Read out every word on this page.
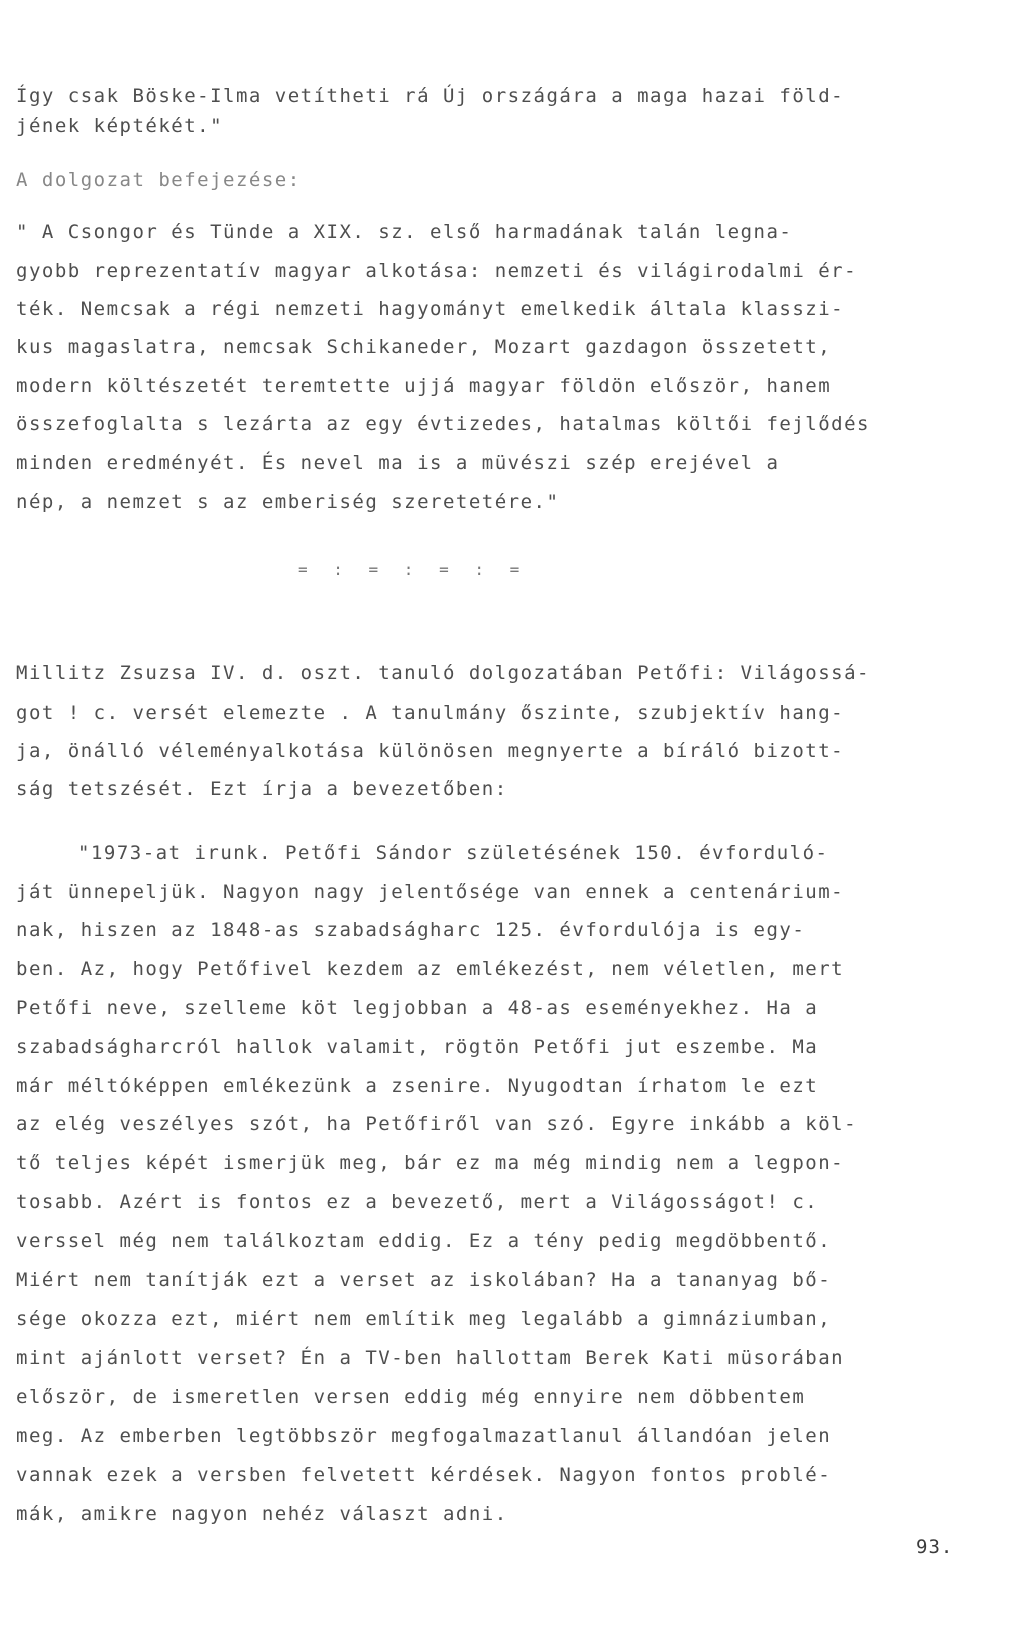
Így csak Böske-Ilma vetítheti rá Új országára a maga hazai föld-
jének képtékét."
A dolgozat befejezése:
" A Csongor és Tünde a XIX. sz. első harmadának talán legna-
gyobb reprezentatív magyar alkotása: nemzeti és világirodalmi ér-
ték. Nemcsak a régi nemzeti hagyományt emelkedik általa klasszi-
kus magaslatra, nemcsak Schikaneder, Mozart gazdagon összetett,
modern költészetét teremtette ujjá magyar földön először, hanem
összefoglalta s lezárta az egy évtizedes, hatalmas költői fejlődés
minden eredményét. És nevel ma is a müvészi szép erejével a
nép, a nemzet s az emberiség szeretetére."
= : = : = : =
Millitz Zsuzsa IV. d. oszt. tanuló dolgozatában Petőfi: Világossá-
got ! c. versét elemezte . A tanulmány őszinte, szubjektív hang-
ja, önálló véleményalkotása különösen megnyerte a bíráló bizott-
ság tetszését. Ezt írja a bevezetőben:
"1973-at irunk. Petőfi Sándor születésének 150. évforduló-
ját ünnepeljük. Nagyon nagy jelentősége van ennek a centenárium-
nak, hiszen az 1848-as szabadságharc 125. évfordulója is egy-
ben. Az, hogy Petőfivel kezdem az emlékezést, nem véletlen, mert
Petőfi neve, szelleme köt legjobban a 48-as eseményekhez. Ha a
szabadságharcról hallok valamit, rögtön Petőfi jut eszembe. Ma
már méltóképpen emlékezünk a zsenire. Nyugodtan írhatom le ezt
az elég veszélyes szót, ha Petőfiről van szó. Egyre inkább a köl-
tő teljes képét ismerjük meg, bár ez ma még mindig nem a legpon-
tosabb. Azért is fontos ez a bevezető, mert a Világosságot! c.
verssel még nem találkoztam eddig. Ez a tény pedig megdöbbentő.
Miért nem tanítják ezt a verset az iskolában? Ha a tananyag bő-
sége okozza ezt, miért nem említik meg legalább a gimnáziumban,
mint ajánlott verset? Én a TV-ben hallottam Berek Kati müsorában
először, de ismeretlen versen eddig még ennyire nem döbbentem
meg. Az emberben legtöbbször megfogalmazatlanul állandóan jelen
vannak ezek a versben felvetett kérdések. Nagyon fontos problé-
mák, amikre nagyon nehéz választ adni.
93.
